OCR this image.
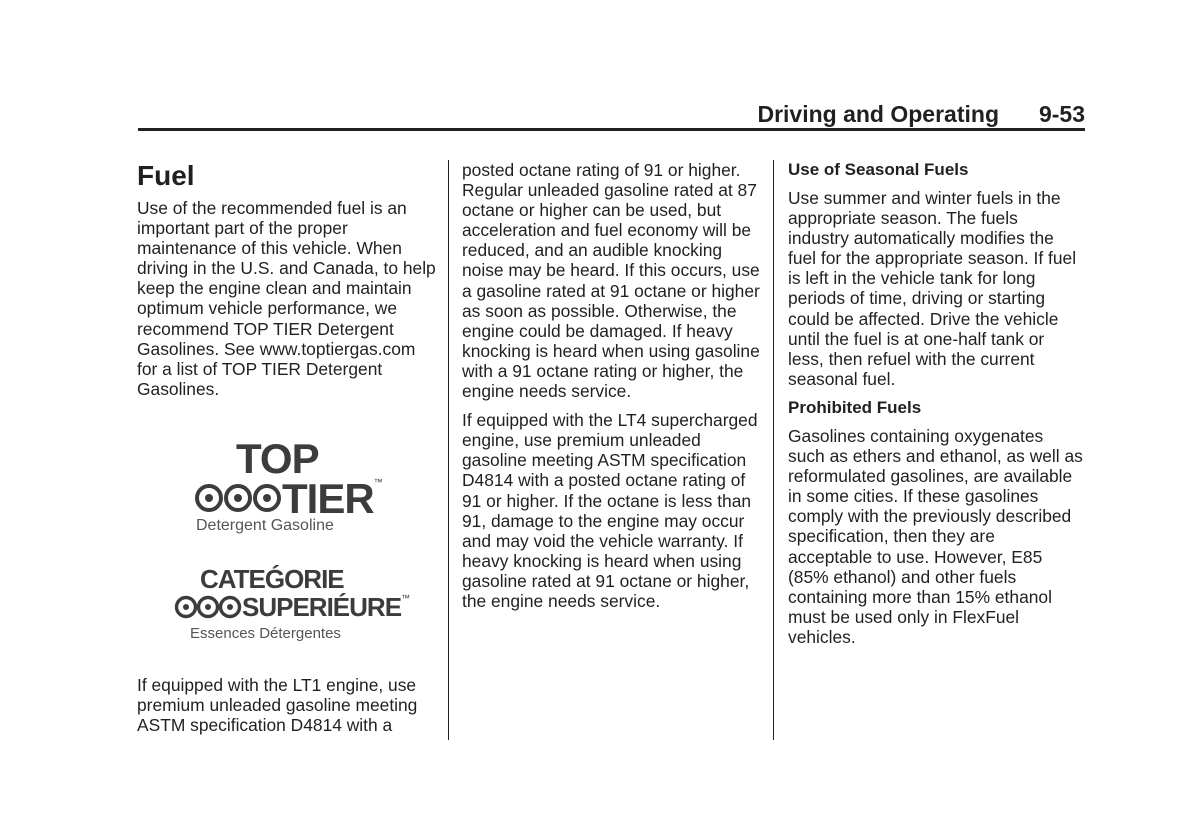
Driving and Operating 9-53
Fuel

Use of the recommended fuel is an important part of the proper maintenance of this vehicle. When driving in the U.S. and Canada, to help keep the engine clean and maintain optimum vehicle performance, we recommend TOP TIER Detergent Gasolines. See www.toptiergas.com for a list of TOP TIER Detergent Gasolines.

TOP
TIER™
Detergent Gasoline
CATEǴORIE
SUPERIÉURE™
Essences Détergentes

If equipped with the LT1 engine, use premium unleaded gasoline meeting ASTM specification D4814 with a

posted octane rating of 91 or higher. Regular unleaded gasoline rated at 87 octane or higher can be used, but acceleration and fuel economy will be reduced, and an audible knocking noise may be heard. If this occurs, use a gasoline rated at 91 octane or higher as soon as possible. Otherwise, the engine could be damaged. If heavy knocking is heard when using gasoline with a 91 octane rating or higher, the engine needs service.

If equipped with the LT4 supercharged engine, use premium unleaded gasoline meeting ASTM specification D4814 with a posted octane rating of 91 or higher. If the octane is less than 91, damage to the engine may occur and may void the vehicle warranty. If heavy knocking is heard when using gasoline rated at 91 octane or higher, the engine needs service.

Use of Seasonal Fuels

Use summer and winter fuels in the appropriate season. The fuels industry automatically modifies the fuel for the appropriate season. If fuel is left in the vehicle tank for long periods of time, driving or starting could be affected. Drive the vehicle until the fuel is at one-half tank or less, then refuel with the current seasonal fuel.

Prohibited Fuels

Gasolines containing oxygenates such as ethers and ethanol, as well as reformulated gasolines, are available in some cities. If these gasolines comply with the previously described specification, then they are acceptable to use. However, E85 (85% ethanol) and other fuels containing more than 15% ethanol must be used only in FlexFuel vehicles.
